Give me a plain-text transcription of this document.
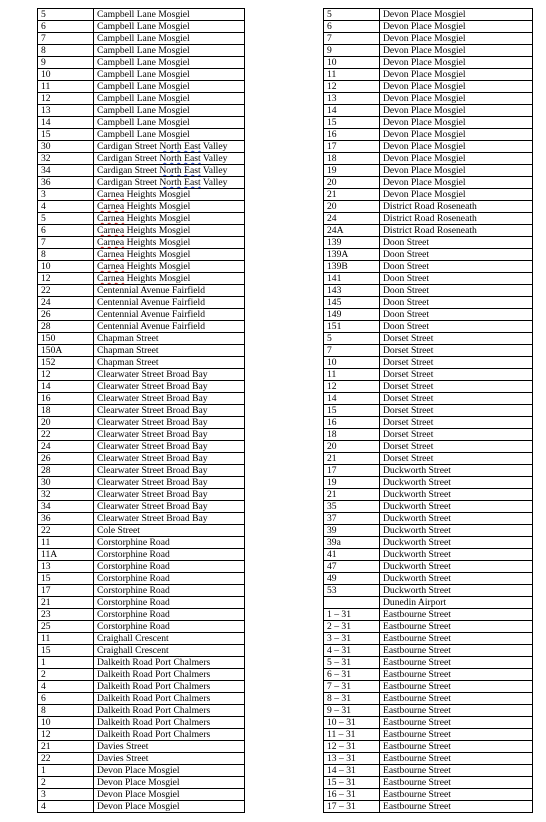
5	Campbell Lane Mosgiel
6	Campbell Lane Mosgiel
7	Campbell Lane Mosgiel
8	Campbell Lane Mosgiel
9	Campbell Lane Mosgiel
10	Campbell Lane Mosgiel
11	Campbell Lane Mosgiel
12	Campbell Lane Mosgiel
13	Campbell Lane Mosgiel
14	Campbell Lane Mosgiel
15	Campbell Lane Mosgiel
30	Cardigan Street North East Valley
32	Cardigan Street North East Valley
34	Cardigan Street North East Valley
36	Cardigan Street North East Valley
3	Carnea Heights Mosgiel
4	Carnea Heights Mosgiel
5	Carnea Heights Mosgiel
6	Carnea Heights Mosgiel
7	Carnea Heights Mosgiel
8	Carnea Heights Mosgiel
10	Carnea Heights Mosgiel
12	Carnea Heights Mosgiel
22	Centennial Avenue Fairfield
24	Centennial Avenue Fairfield
26	Centennial Avenue Fairfield
28	Centennial Avenue Fairfield
150	Chapman Street
150A	Chapman Street
152	Chapman Street
12	Clearwater Street Broad Bay
14	Clearwater Street Broad Bay
16	Clearwater Street Broad Bay
18	Clearwater Street Broad Bay
20	Clearwater Street Broad Bay
22	Clearwater Street Broad Bay
24	Clearwater Street Broad Bay
26	Clearwater Street Broad Bay
28	Clearwater Street Broad Bay
30	Clearwater Street Broad Bay
32	Clearwater Street Broad Bay
34	Clearwater Street Broad Bay
36	Clearwater Street Broad Bay
22	Cole Street
11	Corstorphine Road
11A	Corstorphine Road
13	Corstorphine Road
15	Corstorphine Road
17	Corstorphine Road
21	Corstorphine Road
23	Corstorphine Road
25	Corstorphine Road
11	Craighall Crescent
15	Craighall Crescent
1	Dalkeith Road Port Chalmers
2	Dalkeith Road Port Chalmers
4	Dalkeith Road Port Chalmers
6	Dalkeith Road Port Chalmers
8	Dalkeith Road Port Chalmers
10	Dalkeith Road Port Chalmers
12	Dalkeith Road Port Chalmers
21	Davies Street
22	Davies Street
1	Devon Place Mosgiel
2	Devon Place Mosgiel
3	Devon Place Mosgiel
4	Devon Place Mosgiel
5	Devon Place Mosgiel
6	Devon Place Mosgiel
7	Devon Place Mosgiel
9	Devon Place Mosgiel
10	Devon Place Mosgiel
11	Devon Place Mosgiel
12	Devon Place Mosgiel
13	Devon Place Mosgiel
14	Devon Place Mosgiel
15	Devon Place Mosgiel
16	Devon Place Mosgiel
17	Devon Place Mosgiel
18	Devon Place Mosgiel
19	Devon Place Mosgiel
20	Devon Place Mosgiel
21	Devon Place Mosgiel
20	District Road Roseneath
24	District Road Roseneath
24A	District Road Roseneath
139	Doon Street
139A	Doon Street
139B	Doon Street
141	Doon Street
143	Doon Street
145	Doon Street
149	Doon Street
151	Doon Street
5	Dorset Street
7	Dorset Street
10	Dorset Street
11	Dorset Street
12	Dorset Street
14	Dorset Street
15	Dorset Street
16	Dorset Street
18	Dorset Street
20	Dorset Street
21	Dorset Street
17	Duckworth Street
19	Duckworth Street
21	Duckworth Street
35	Duckworth Street
37	Duckworth Street
39	Duckworth Street
39a	Duckworth Street
41	Duckworth Street
47	Duckworth Street
49	Duckworth Street
53	Duckworth Street
	Dunedin Airport
1 – 31	Eastbourne Street
2 – 31	Eastbourne Street
3 – 31	Eastbourne Street
4 – 31	Eastbourne Street
5 – 31	Eastbourne Street
6 – 31	Eastbourne Street
7 – 31	Eastbourne Street
8 – 31	Eastbourne Street
9 – 31	Eastbourne Street
10 – 31	Eastbourne Street
11 – 31	Eastbourne Street
12 – 31	Eastbourne Street
13 – 31	Eastbourne Street
14 – 31	Eastbourne Street
15 – 31	Eastbourne Street
16 – 31	Eastbourne Street
17 – 31	Eastbourne Street
